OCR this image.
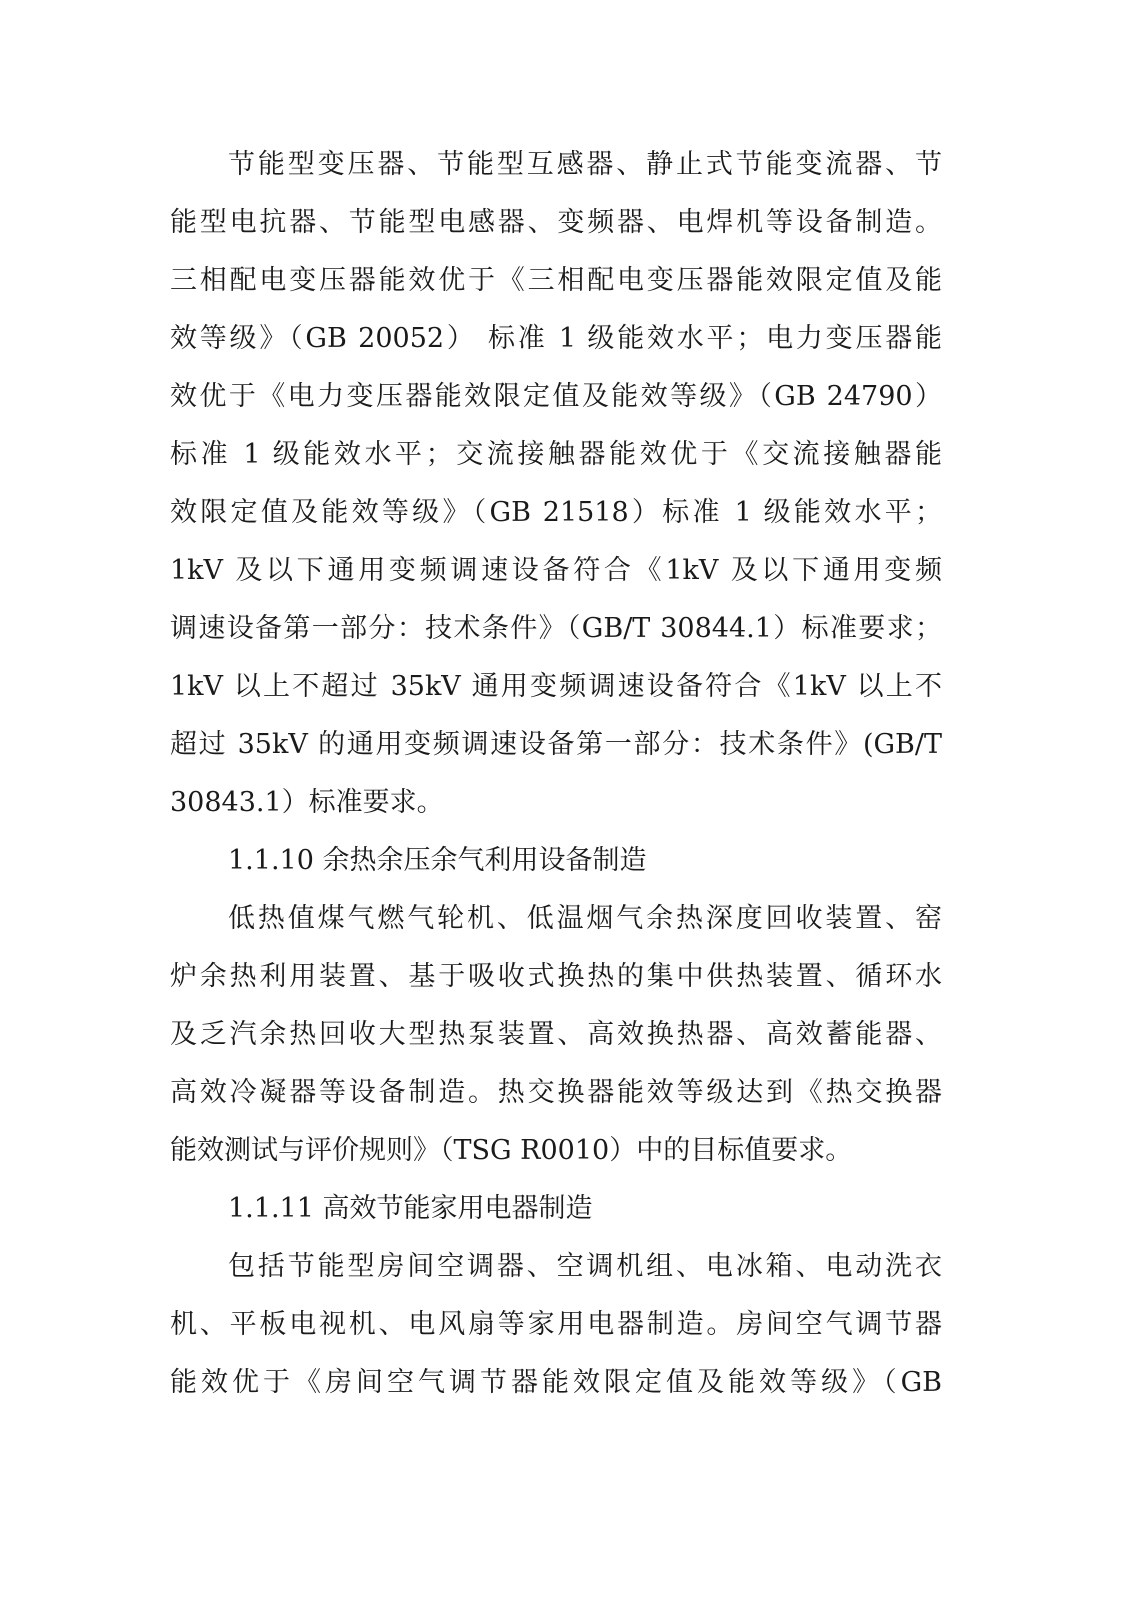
节能型变压器、节能型互感器、静止式节能变流器、节
能型电抗器、节能型电感器、变频器、电焊机等设备制造。
三相配电变压器能效优于《三相配电变压器能效限定值及能
效等级》（GB 20052） 标准 1 级能效水平；电力变压器能
效优于《电力变压器能效限定值及能效等级》（GB 24790）
标准 1 级能效水平；交流接触器能效优于《交流接触器能
效限定值及能效等级》（GB 21518）标准 1 级能效水平；
1kV 及以下通用变频调速设备符合《1kV 及以下通用变频
调速设备第一部分：技术条件》（GB/T 30844.1）标准要求；
1kV 以上不超过 35kV 通用变频调速设备符合《1kV 以上不
超过 35kV 的通用变频调速设备第一部分：技术条件》(GB/T
30843.1）标准要求。
1.1.10 余热余压余气利用设备制造
低热值煤气燃气轮机、低温烟气余热深度回收装置、窑
炉余热利用装置、基于吸收式换热的集中供热装置、循环水
及乏汽余热回收大型热泵装置、高效换热器、高效蓄能器、
高效冷凝器等设备制造。热交换器能效等级达到《热交换器
能效测试与评价规则》（TSG R0010）中的目标值要求。
1.1.11 高效节能家用电器制造
包括节能型房间空调器、空调机组、电冰箱、电动洗衣
机、平板电视机、电风扇等家用电器制造。房间空气调节器
能效优于《房间空气调节器能效限定值及能效等级》（GB
